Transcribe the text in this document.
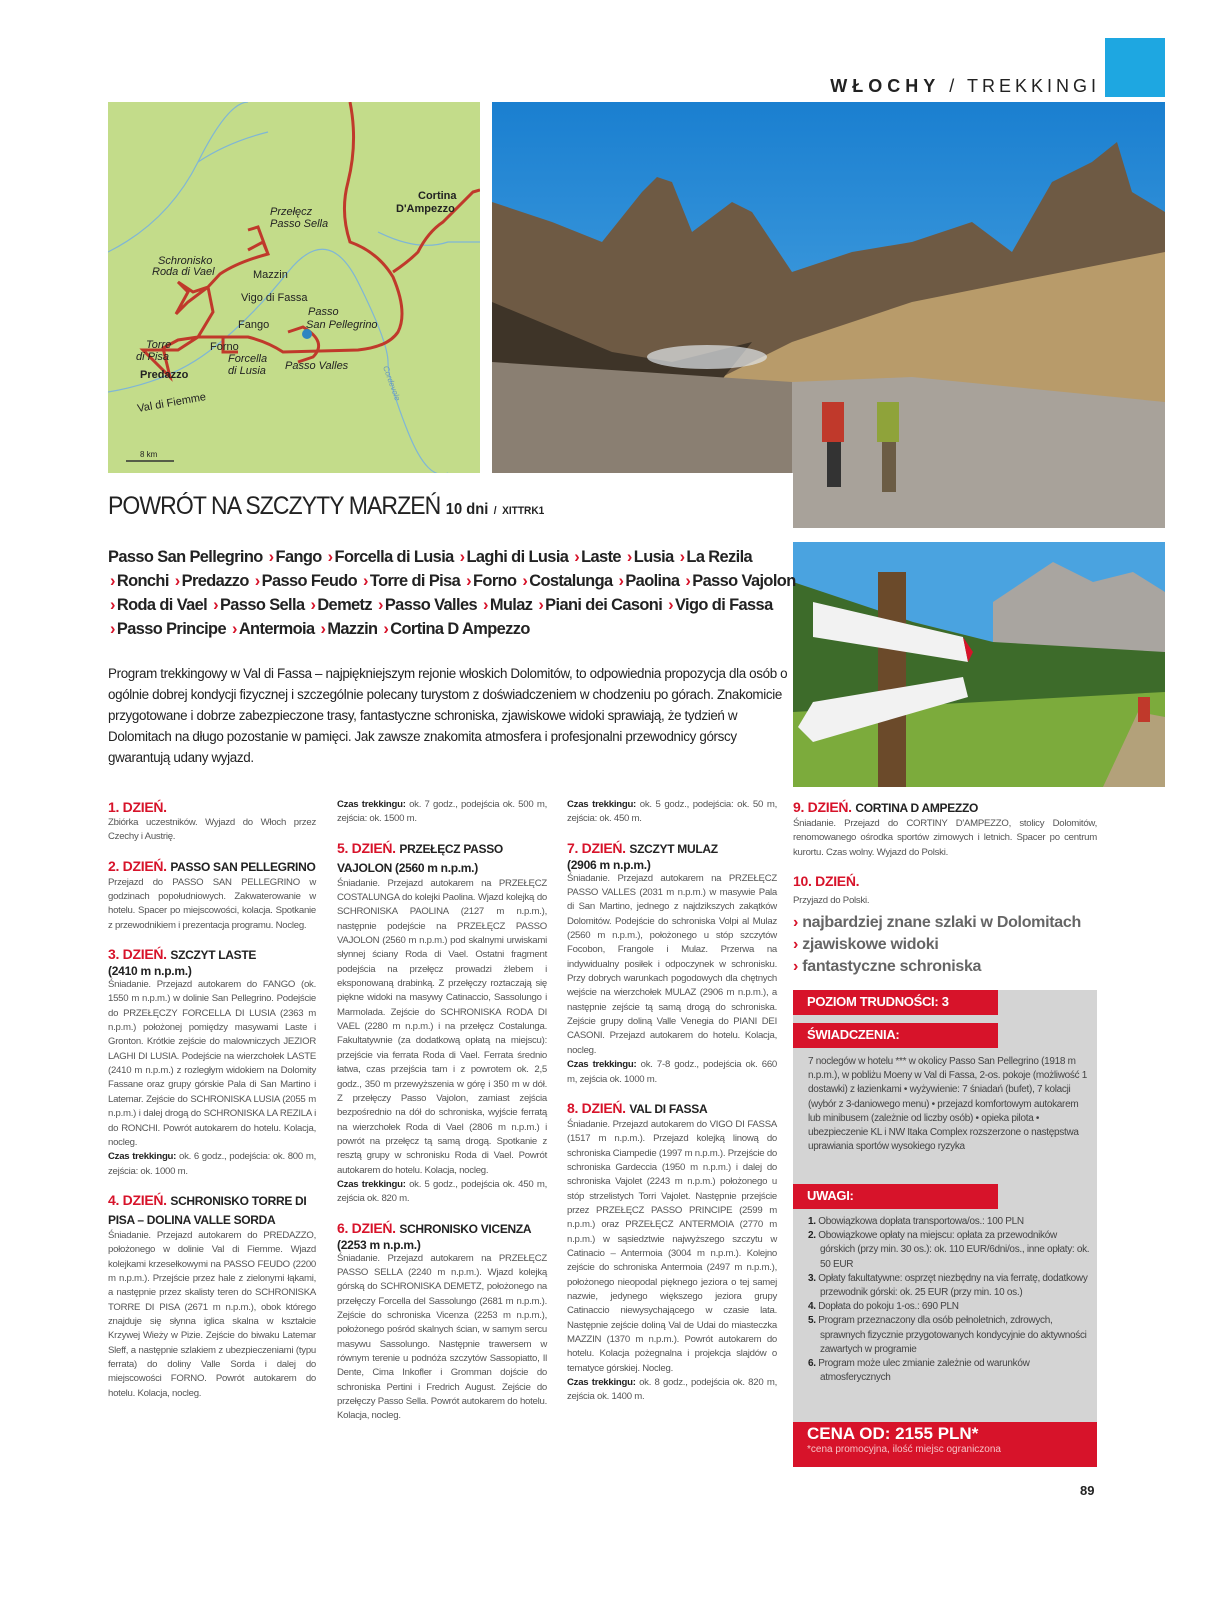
WŁOCHY / TREKKINGI
Cortina
D'Ampezzo
Przełęcz
Passo Sella
Schronisko
Roda di Vael	Mazzin
Vigo di Fassa
Passo
San Pellegrino
Fango
Torre
di Pisa
Forno
Forcella
di Lusia Passo Valles
Predazzo
Val di Fiemme
Cordevole
8 km
POWRÓT NA SZCZYTY MARZEŃ 10 dni / XITTRK1
Passo San Pellegrino › Fango › Forcella di Lusia › Laghi di Lusia › Laste › Lusia › La Rezila › Ronchi › Predazzo › Passo Feudo › Torre di Pisa › Forno › Costalunga › Paolina › Passo Vajolon › Roda di Vael › Passo Sella › Demetz › Passo Valles › Mulaz › Piani dei Casoni › Vigo di Fassa › Passo Principe › Antermoia › Mazzin › Cortina D Ampezzo
Program trekkingowy w Val di Fassa – najpiękniejszym rejonie włoskich Dolomitów, to odpowiednia propozycja dla osób o ogólnie dobrej kondycji fizycznej i szczególnie polecany turystom z doświadczeniem w chodzeniu po górach. Znakomicie przygotowane i dobrze zabezpieczone trasy, fantastyczne schroniska, zjawiskowe widoki sprawiają, że tydzień w Dolomitach na długo pozostanie w pamięci. Jak zawsze znakomita atmosfera i profesjonalni przewodnicy górscy gwarantują udany wyjazd.
1. DZIEŃ.

Zbiórka uczestników. Wyjazd do Włoch przez Czechy i Austrię.

2. DZIEŃ. PASSO SAN PELLEGRINO

Przejazd do PASSO SAN PELLEGRINO w godzinach popołudniowych. Zakwaterowanie w hotelu. Spacer po miejscowości, kolacja. Spotkanie z przewodnikiem i prezentacja programu. Nocleg.

3. DZIEŃ. SZCZYT LASTE
(2410 m n.p.m.)

Śniadanie. Przejazd autokarem do FANGO (ok. 1550 m n.p.m.) w dolinie San Pellegrino. Podejście do PRZEŁĘCZY FORCELLA DI LUSIA (2363 m n.p.m.) położonej pomiędzy masywami Laste i Gronton. Krótkie zejście do malowniczych JEZIOR LAGHI DI LUSIA. Podejście na wierzchołek LASTE (2410 m n.p.m.) z rozległym widokiem na Dolomity Fassane oraz grupy górskie Pala di San Martino i Latemar. Zejście do SCHRONISKA LUSIA (2055 m n.p.m.) i dalej drogą do SCHRONISKA LA REZILA i do RONCHI. Powrót autokarem do hotelu. Kolacja, nocleg.

Czas trekkingu: ok. 6 godz., podejścia: ok. 800 m, zejścia: ok. 1000 m.

4. DZIEŃ. SCHRONISKO TORRE DI PISA – DOLINA VALLE SORDA

Śniadanie. Przejazd autokarem do PREDAZZO, położonego w dolinie Val di Fiemme. Wjazd kolejkami krzesełkowymi na PASSO FEUDO (2200 m n.p.m.). Przejście przez hale z zielonymi łąkami, a następnie przez skalisty teren do SCHRONISKA TORRE DI PISA (2671 m n.p.m.), obok którego znajduje się słynna iglica skalna w kształcie Krzywej Wieży w Pizie. Zejście do biwaku Latemar Sleff, a następnie szlakiem z ubezpieczeniami (typu ferrata) do doliny Valle Sorda i dalej do miejscowości FORNO. Powrót autokarem do hotelu. Kolacja, nocleg.

Czas trekkingu: ok. 7 godz., podejścia ok. 500 m, zejścia: ok. 1500 m.

5. DZIEŃ. PRZEŁĘCZ PASSO VAJOLON (2560 m n.p.m.)

Śniadanie. Przejazd autokarem na PRZEŁĘCZ COSTALUNGA do kolejki Paolina. Wjazd kolejką do SCHRONISKA PAOLINA (2127 m n.p.m.), następnie podejście na PRZEŁĘCZ PASSO VAJOLON (2560 m n.p.m.) pod skalnymi urwiskami słynnej ściany Roda di Vael. Ostatni fragment podejścia na przełęcz prowadzi żlebem i eksponowaną drabinką. Z przełęczy roztaczają się piękne widoki na masywy Catinaccio, Sassolungo i Marmolada. Zejście do SCHRONISKA RODA DI VAEL (2280 m n.p.m.) i na przełęcz Costalunga. Fakultatywnie (za dodatkową opłatą na miejscu): przejście via ferrata Roda di Vael. Ferrata średnio łatwa, czas przejścia tam i z powrotem ok. 2,5 godz., 350 m przewyższenia w górę i 350 m w dół. Z przełęczy Passo Vajolon, zamiast zejścia bezpośrednio na dół do schroniska, wyjście ferratą na wierzchołek Roda di Vael (2806 m n.p.m.) i powrót na przełęcz tą samą drogą. Spotkanie z resztą grupy w schronisku Roda di Vael. Powrót autokarem do hotelu. Kolacja, nocleg.

Czas trekkingu: ok. 5 godz., podejścia ok. 450 m, zejścia ok. 820 m.

6. DZIEŃ. SCHRONISKO VICENZA
(2253 m n.p.m.)

Śniadanie. Przejazd autokarem na PRZEŁĘCZ PASSO SELLA (2240 m n.p.m.). Wjazd kolejką górską do SCHRONISKA DEMETZ, położonego na przełęczy Forcella del Sassolungo (2681 m n.p.m.). Zejście do schroniska Vicenza (2253 m n.p.m.), położonego pośród skalnych ścian, w samym sercu masywu Sassolungo. Następnie trawersem w równym terenie u podnóża szczytów Sassopiatto, Il Dente, Cima Inkofler i Gromman dojście do schroniska Pertini i Fredrich August. Zejście do przełęczy Passo Sella. Powrót autokarem do hotelu. Kolacja, nocleg.

Czas trekkingu: ok. 5 godz., podejścia: ok. 50 m, zejścia: ok. 450 m.

7. DZIEŃ. SZCZYT MULAZ
(2906 m n.p.m.)

Śniadanie. Przejazd autokarem na PRZEŁĘCZ PASSO VALLES (2031 m n.p.m.) w masywie Pala di San Martino, jednego z najdzikszych zakątków Dolomitów. Podejście do schroniska Volpi al Mulaz (2560 m n.p.m.), położonego u stóp szczytów Focobon, Frangole i Mulaz. Przerwa na indywidualny posiłek i odpoczynek w schronisku. Przy dobrych warunkach pogodowych dla chętnych wejście na wierzchołek MULAZ (2906 m n.p.m.), a następnie zejście tą samą drogą do schroniska. Zejście grupy doliną Valle Venegia do PIANI DEI CASONI. Przejazd autokarem do hotelu. Kolacja, nocleg.

Czas trekkingu: ok. 7-8 godz., podejścia ok. 660 m, zejścia ok. 1000 m.

8. DZIEŃ. VAL DI FASSA

Śniadanie. Przejazd autokarem do VIGO DI FASSA (1517 m n.p.m.). Przejazd kolejką linową do schroniska Ciampedie (1997 m n.p.m.). Przejście do schroniska Gardeccia (1950 m n.p.m.) i dalej do schroniska Vajolet (2243 m n.p.m.) położonego u stóp strzelistych Torri Vajolet. Następnie przejście przez PRZEŁĘCZ PASSO PRINCIPE (2599 m n.p.m.) oraz PRZEŁĘCZ ANTERMOIA (2770 m n.p.m.) w sąsiedztwie najwyższego szczytu w Catinacio – Antermoia (3004 m n.p.m.). Kolejno zejście do schroniska Antermoia (2497 m n.p.m.), położonego nieopodal pięknego jeziora o tej samej nazwie, jedynego większego jeziora grupy Catinaccio niewysychającego w czasie lata. Następnie zejście doliną Val de Udai do miasteczka MAZZIN (1370 m n.p.m.). Powrót autokarem do hotelu. Kolacja pożegnalna i projekcja slajdów o tematyce górskiej. Nocleg.

Czas trekkingu: ok. 8 godz., podejścia ok. 820 m, zejścia ok. 1400 m.

9. DZIEŃ. CORTINA D AMPEZZO

Śniadanie. Przejazd do CORTINY D'AMPEZZO, stolicy Dolomitów, renomowanego ośrodka sportów zimowych i letnich. Spacer po centrum kurortu. Czas wolny. Wyjazd do Polski.

10. DZIEŃ.

Przyjazd do Polski.

› najbardziej znane szlaki w Dolomitach
› zjawiskowe widoki
› fantastyczne schroniska
POZIOM TRUDNOŚCI: 3
ŚWIADCZENIA:
7 noclegów w hotelu *** w okolicy Passo San Pellegrino (1918 m n.p.m.), w pobliżu Moeny w Val di Fassa, 2-os. pokoje (możliwość 1 dostawki) z łazienkami • wyżywienie: 7 śniadań (bufet), 7 kolacji (wybór z 3-daniowego menu) • przejazd komfortowym autokarem lub minibusem (zależnie od liczby osób) • opieka pilota • ubezpieczenie KL i NW Itaka Complex rozszerzone o następstwa uprawiania sportów wysokiego ryzyka
UWAGI:
1. Obowiązkowa dopłata transportowa/os.: 100 PLN
2. Obowiązkowe opłaty na miejscu: opłata za przewodników górskich (przy min. 30 os.): ok. 110 EUR/6dni/os., inne opłaty: ok. 50 EUR
3. Opłaty fakultatywne: osprzęt niezbędny na via ferratę, dodatkowy przewodnik górski: ok. 25 EUR (przy min. 10 os.)
4. Dopłata do pokoju 1-os.: 690 PLN
5. Program przeznaczony dla osób pełnoletnich, zdrowych, sprawnych fizycznie przygotowanych kondycyjnie do aktywności zawartych w programie
6. Program może ulec zmianie zależnie od warunków atmosferycznych
CENA OD: 2155 PLN*
*cena promocyjna, ilość miejsc ograniczona
89
